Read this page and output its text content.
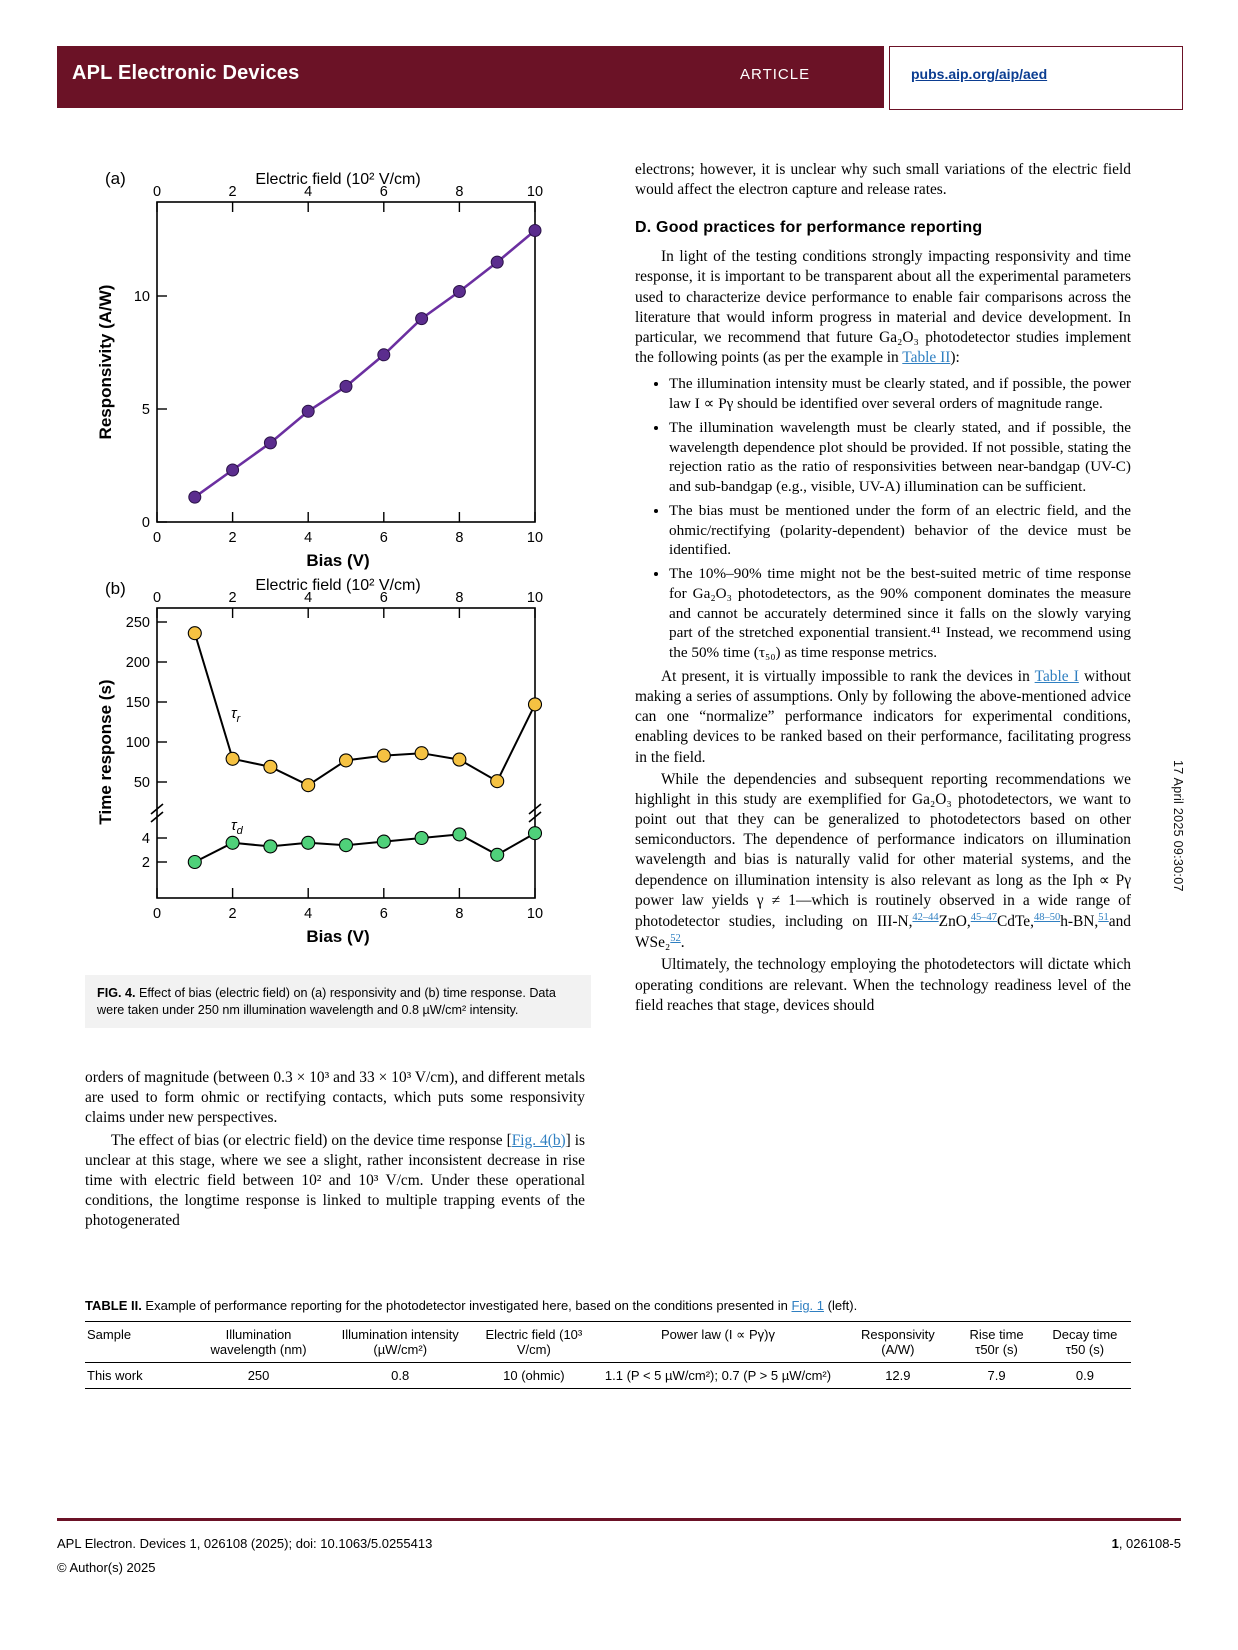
APL Electronic Devices	ARTICLE	pubs.aip.org/aip/aed
17 April 2025 09:30:07
(a)	Electric field (10² V/cm)
0	2	4	6	8	10
0	2	4	6	8	10
Bias (V)
0
5
10
Responsivity (A/W)
(b)	Electric field (10² V/cm)
0	2	4	6	8	10
0	2	4	6	8	10
Bias (V)
250
200
150
100
50
4
2
Time response (s)	$\tau_r$
$\tau_d$
FIG. 4. Effect of bias (electric field) on (a) responsivity and (b) time response. Data were taken under 250 nm illumination wavelength and 0.8 µW/cm² intensity.

orders of magnitude (between 0.3 × 10³ and 33 × 10³ V/cm), and different metals are used to form ohmic or rectifying contacts, which puts some responsivity claims under new perspectives.

The effect of bias (or electric field) on the device time response [Fig. 4(b)] is unclear at this stage, where we see a slight, rather inconsistent decrease in rise time with electric field between 10² and 10³ V/cm. Under these operational conditions, the longtime response is linked to multiple trapping events of the photogenerated

electrons; however, it is unclear why such small variations of the electric field would affect the electron capture and release rates.

D. Good practices for performance reporting

In light of the testing conditions strongly impacting responsivity and time response, it is important to be transparent about all the experimental parameters used to characterize device performance to enable fair comparisons across the literature that would inform progress in material and device development. In particular, we recommend that future Ga₂O₃ photodetector studies implement the following points (as per the example in Table II):

• The illumination intensity must be clearly stated, and if possible, the power law I ∝ Pγ should be identified over several orders of magnitude range.
• The illumination wavelength must be clearly stated, and if possible, the wavelength dependence plot should be provided. If not possible, stating the rejection ratio as the ratio of responsivities between near-bandgap (UV-C) and sub-bandgap (e.g., visible, UV-A) illumination can be sufficient.
• The bias must be mentioned under the form of an electric field, and the ohmic/rectifying (polarity-dependent) behavior of the device must be identified.
• The 10%–90% time might not be the best-suited metric of time response for Ga₂O₃ photodetectors, as the 90% component dominates the measure and cannot be accurately determined since it falls on the slowly varying part of the stretched exponential transient.⁴¹ Instead, we recommend using the 50% time (τ₅₀) as time response metrics.

At present, it is virtually impossible to rank the devices in Table I without making a series of assumptions. Only by following the above-mentioned advice can one “normalize” performance indicators for experimental conditions, enabling devices to be ranked based on their performance, facilitating progress in the field.

While the dependencies and subsequent reporting recommendations we highlight in this study are exemplified for Ga₂O₃ photodetectors, we want to point out that they can be generalized to photodetectors based on other semiconductors. The dependence of performance indicators on illumination wavelength and bias is naturally valid for other material systems, and the dependence on illumination intensity is also relevant as long as the Iph ∝ Pγ power law yields γ ≠ 1—which is routinely observed in a wide range of photodetector studies, including on III-N,$^{42-44}$ZnO,$^{45-47}$CdTe,$^{48-50}$h-BN,$^{51}$and WSe₂$^{52}$.

Ultimately, the technology employing the photodetectors will dictate which operating conditions are relevant. When the technology readiness level of the field reaches that stage, devices should

TABLE II. Example of performance reporting for the photodetector investigated here, based on the conditions presented in Fig. 1 (left).
Sample	Illumination wavelength (nm)	Illumination intensity (µW/cm²)	Electric field (10³ V/cm)	Power law (I ∝ Pγ)γ	Responsivity (A/W)	Rise time τ50r (s)	Decay time τ50 (s)
This work	250	0.8	10 (ohmic)	1.1 (P < 5 µW/cm²); 0.7 (P > 5 µW/cm²)	12.9	7.9	0.9
APL Electron. Devices 1, 026108 (2025); doi: 10.1063/5.0255413
© Author(s) 2025
1, 026108-5
